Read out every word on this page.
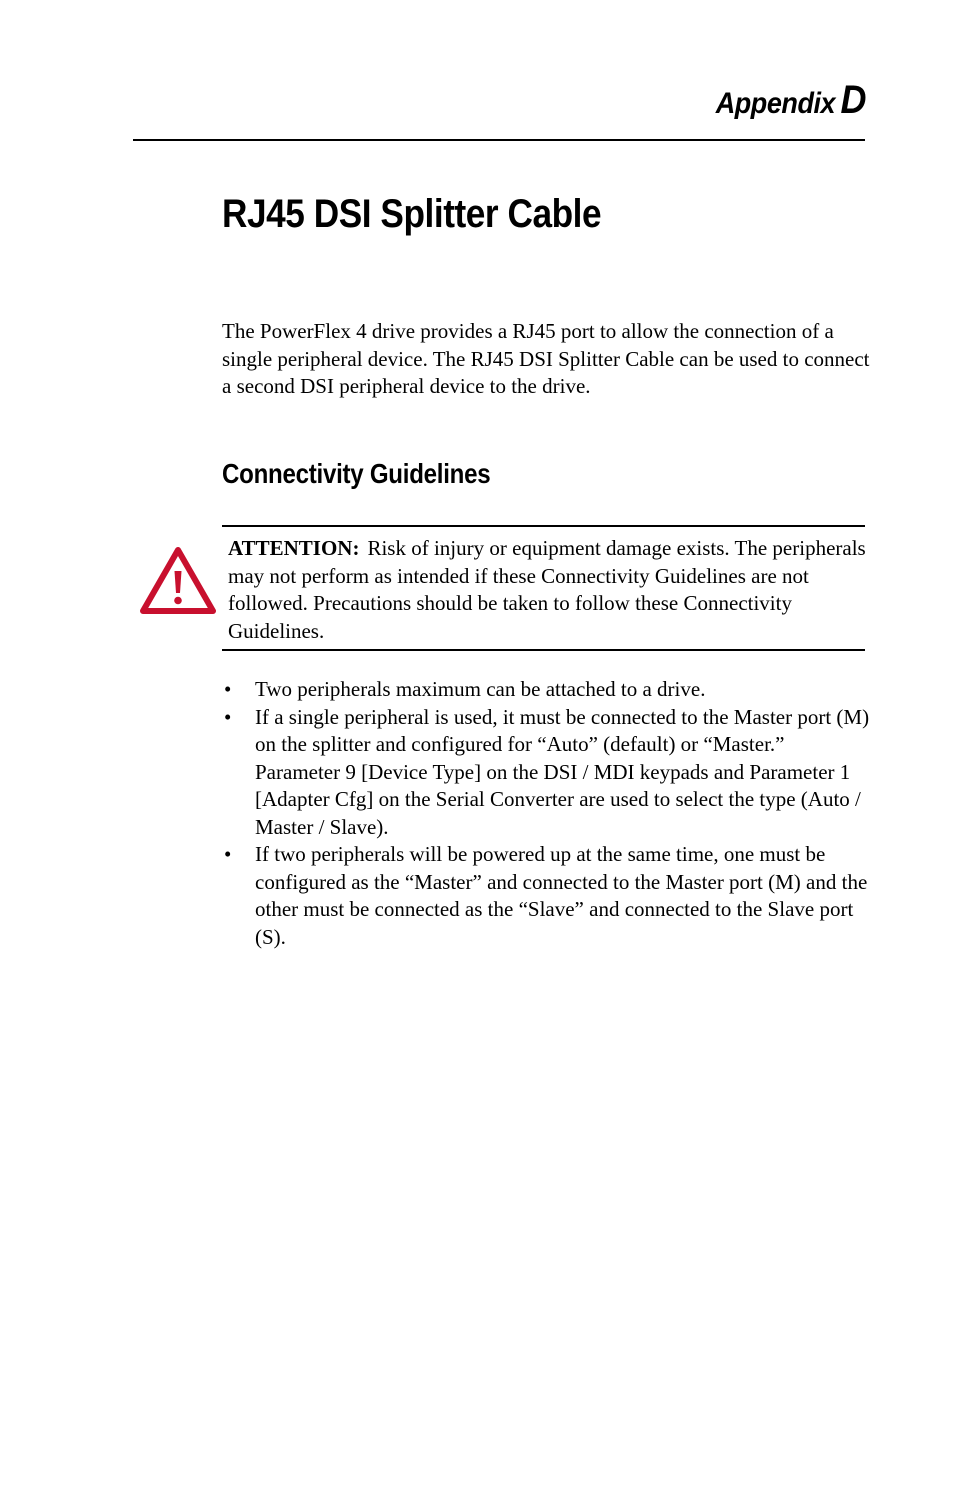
Appendix D
RJ45 DSI Splitter Cable

The PowerFlex 4 drive provides a RJ45 port to allow the connection of a single peripheral device. The RJ45 DSI Splitter Cable can be used to connect a second DSI peripheral device to the drive.

Connectivity Guidelines

ATTENTION: Risk of injury or equipment damage exists. The peripherals may not perform as intended if these Connectivity Guidelines are not followed. Precautions should be taken to follow these Connectivity Guidelines.

• Two peripherals maximum can be attached to a drive.
• If a single peripheral is used, it must be connected to the Master port (M) on the splitter and configured for “Auto” (default) or “Master.” Parameter 9 [Device Type] on the DSI / MDI keypads and Parameter 1 [Adapter Cfg] on the Serial Converter are used to select the type (Auto / Master / Slave).
• If two peripherals will be powered up at the same time, one must be configured as the “Master” and connected to the Master port (M) and the other must be connected as the “Slave” and connected to the Slave port (S).
